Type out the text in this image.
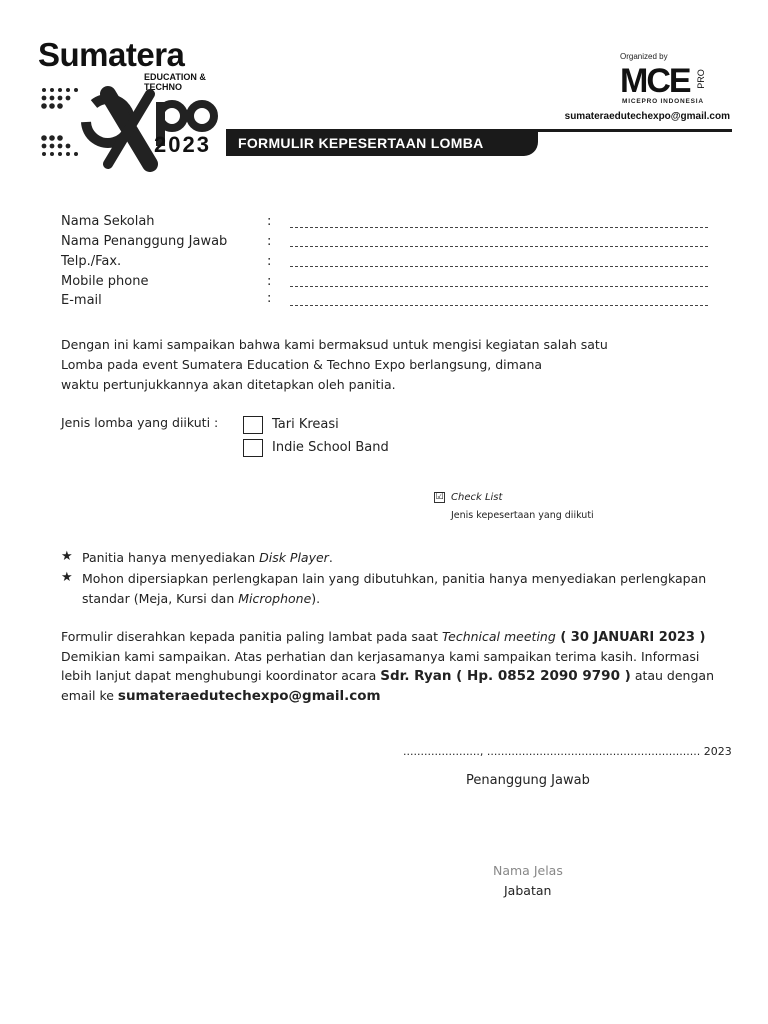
Sumatera
EDUCATION &
TECHNO
2023
Organized by
MCE PRO
MICEPRO INDONESIA
sumateraedutechexpo@gmail.com
FORMULIR KEPESERTAAN LOMBA
Nama Sekolah	:
Nama Penanggung Jawab	:
Telp./Fax.	:
Mobile phone	:
E-mail	:
Dengan ini kami sampaikan bahwa kami bermaksud untuk mengisi kegiatan salah satu
Lomba pada event Sumatera Education & Techno Expo berlangsung, dimana
waktu pertunjukkannya akan ditetapkan oleh panitia.
Jenis lomba yang diikuti :	Tari Kreasi
Indie School Band
☑ Check List
Jenis kepesertaan yang diikuti
★ Panitia hanya menyediakan Disk Player.
★ Mohon dipersiapkan perlengkapan lain yang dibutuhkan, panitia hanya menyediakan perlengkapan
standar (Meja, Kursi dan Microphone).
Formulir diserahkan kepada panitia paling lambat pada saat Technical meeting ( 30 JANUARI 2023 )
Demikian kami sampaikan. Atas perhatian dan kerjasamanya kami sampaikan terima kasih. Informasi
lebih lanjut dapat menghubungi koordinator acara Sdr. Ryan ( Hp. 0852 2090 9790 ) atau dengan
email ke sumateraedutechexpo@gmail.com
......................, ............................................................. 2023
Penanggung Jawab
Nama Jelas
Jabatan
